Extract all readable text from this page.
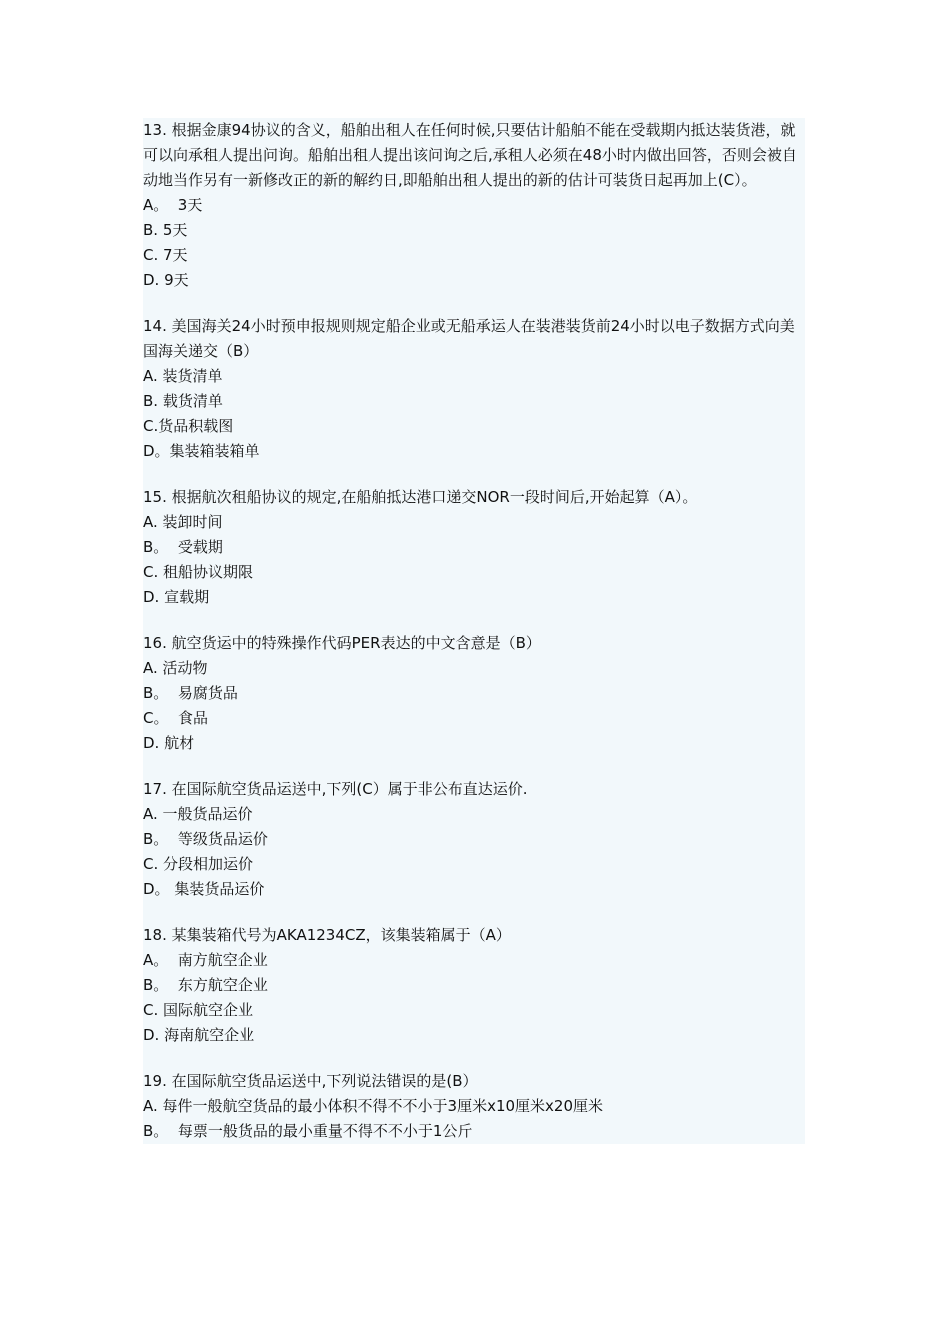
13. 根据金康94协议的含义，船舶出租人在任何时候,只要估计船舶不能在受载期内抵达装货港，就可以向承租人提出问询。船舶出租人提出该问询之后,承租人必须在48小时内做出回答，否则会被自动地当作另有一新修改正的新的解约日,即船舶出租人提出的新的估计可装货日起再加上(C）。

A。  3天

B. 5天

C. 7天

D. 9天

14. 美国海关24小时预申报规则规定船企业或无船承运人在装港装货前24小时以电子数据方式向美国海关递交（B）

A. 装货清单

B. 载货清单

C.货品积载图

D。集装箱装箱单

15. 根据航次租船协议的规定,在船舶抵达港口递交NOR一段时间后,开始起算（A）。

A. 装卸时间

B。  受载期

C. 租船协议期限

D. 宣载期

16. 航空货运中的特殊操作代码PER表达的中文含意是（B）

A. 活动物

B。  易腐货品

C。  食品

D. 航材

17. 在国际航空货品运送中,下列(C）属于非公布直达运价.

A. 一般货品运价

B。  等级货品运价

C. 分段相加运价

D。 集装货品运价

18. 某集装箱代号为AKA1234CZ，该集装箱属于（A）

A。  南方航空企业

B。  东方航空企业

C. 国际航空企业

D. 海南航空企业

19. 在国际航空货品运送中,下列说法错误的是(B）

A. 每件一般航空货品的最小体积不得不不小于3厘米x10厘米x20厘米

B。  每票一般货品的最小重量不得不不小于1公斤
